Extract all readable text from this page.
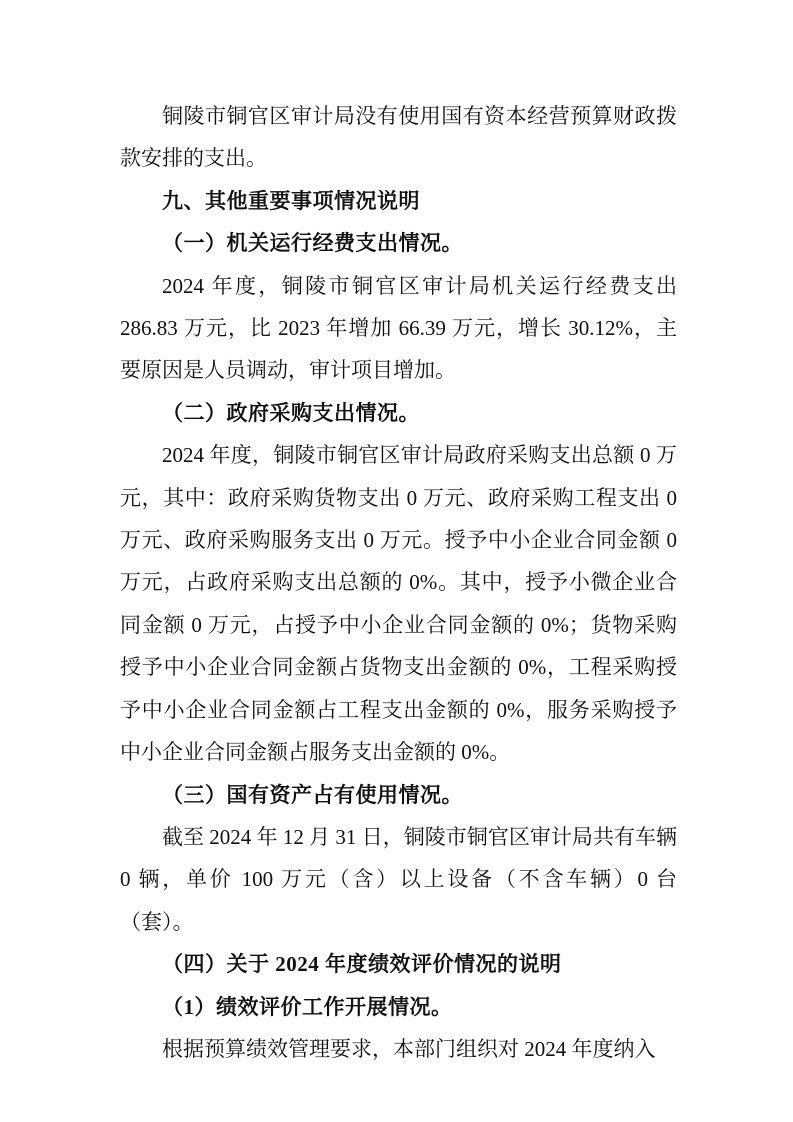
铜陵市铜官区审计局没有使用国有资本经营预算财政拨款安排的支出。

九、其他重要事项情况说明

（一）机关运行经费支出情况。

2024 年度，铜陵市铜官区审计局机关运行经费支出 286.83 万元，比 2023 年增加 66.39 万元，增长 30.12%，主要原因是人员调动，审计项目增加。

（二）政府采购支出情况。

2024 年度，铜陵市铜官区审计局政府采购支出总额 0 万元，其中：政府采购货物支出 0 万元、政府采购工程支出 0 万元、政府采购服务支出 0 万元。授予中小企业合同金额 0 万元，占政府采购支出总额的 0%。其中，授予小微企业合同金额 0 万元，占授予中小企业合同金额的 0%；货物采购授予中小企业合同金额占货物支出金额的 0%，工程采购授予中小企业合同金额占工程支出金额的 0%，服务采购授予中小企业合同金额占服务支出金额的 0%。

（三）国有资产占有使用情况。

截至 2024 年 12 月 31 日，铜陵市铜官区审计局共有车辆 0 辆，单价 100 万元（含）以上设备（不含车辆）0 台（套）。

（四）关于 2024 年度绩效评价情况的说明

（1）绩效评价工作开展情况。

根据预算绩效管理要求，本部门组织对 2024 年度纳入
